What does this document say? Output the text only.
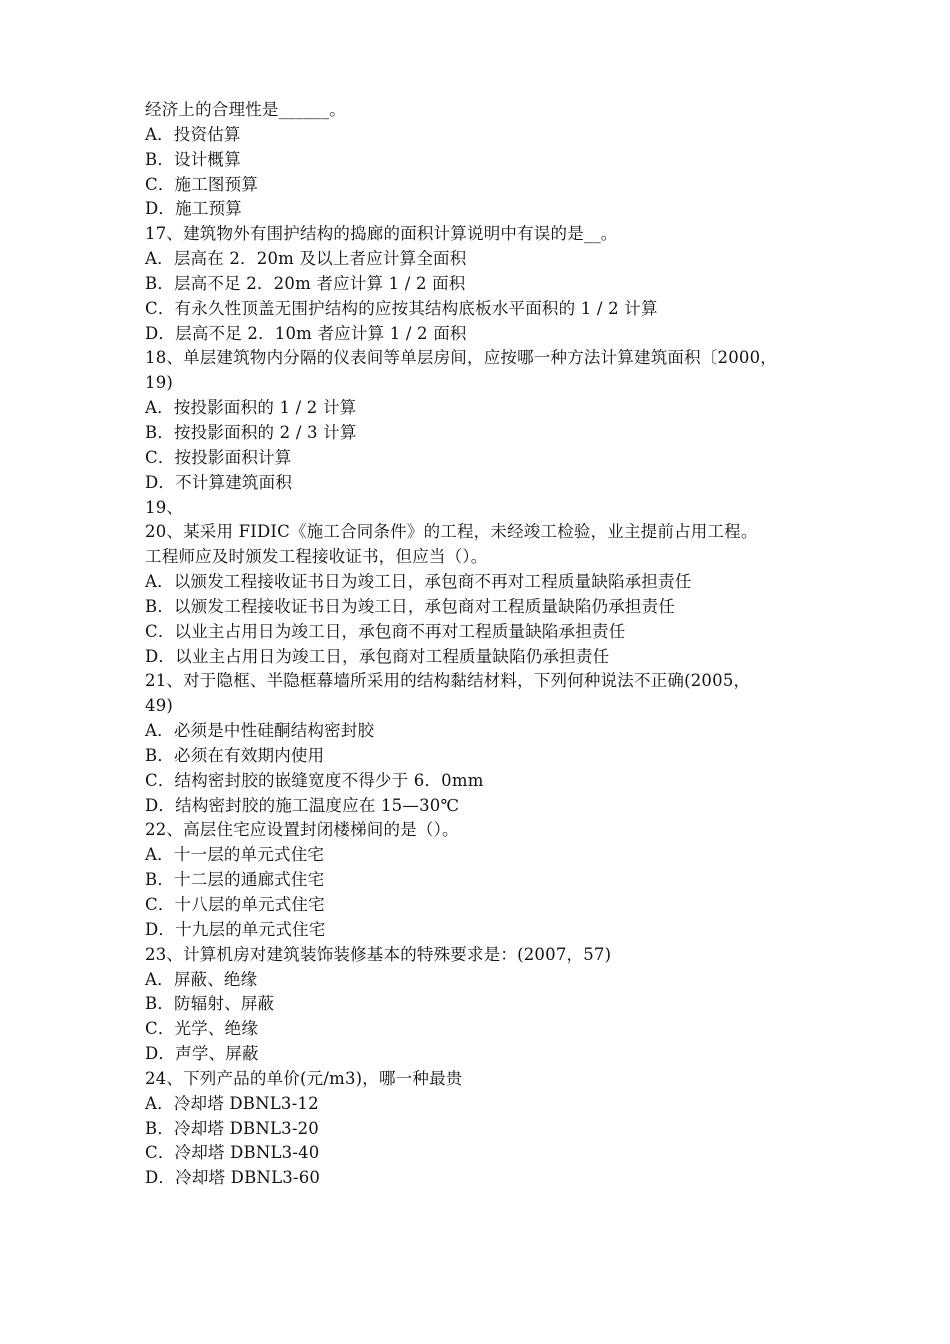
经济上的合理性是______。
A．投资估算
B．设计概算
C．施工图预算
D．施工预算
17、建筑物外有围护结构的捣廊的面积计算说明中有误的是__。
A．层高在 2．20m 及以上者应计算全面积
B．层高不足 2．20m 者应计算 1 / 2 面积
C．有永久性顶盖无围护结构的应按其结构底板水平面积的 1 / 2 计算
D．层高不足 2．10m 者应计算 1 / 2 面积
18、单层建筑物内分隔的仪表间等单层房间，应按哪一种方法计算建筑面积〔2000，
19)
A．按投影面积的 1 / 2 计算
B．按投影面积的 2 / 3 计算
C．按投影面积计算
D．不计算建筑面积
19、
20、某采用 FIDIC《施工合同条件》的工程，未经竣工检验，业主提前占用工程。
工程师应及时颁发工程接收证书，但应当（）。
A．以颁发工程接收证书日为竣工日，承包商不再对工程质量缺陷承担责任
B．以颁发工程接收证书日为竣工日，承包商对工程质量缺陷仍承担责任
C．以业主占用日为竣工日，承包商不再对工程质量缺陷承担责任
D．以业主占用日为竣工日，承包商对工程质量缺陷仍承担责任
21、对于隐框、半隐框幕墙所采用的结构黏结材料，下列何种说法不正确(2005，
49)
A．必须是中性硅酮结构密封胶
B．必须在有效期内使用
C．结构密封胶的嵌缝宽度不得少于 6．0mm
D．结构密封胶的施工温度应在 15—30℃
22、高层住宅应设置封闭楼梯间的是（）。
A．十一层的单元式住宅
B．十二层的通廊式住宅
C．十八层的单元式住宅
D．十九层的单元式住宅
23、计算机房对建筑装饰装修基本的特殊要求是：(2007，57)
A．屏蔽、绝缘
B．防辐射、屏蔽
C．光学、绝缘
D．声学、屏蔽
24、下列产品的单价(元/m3)，哪一种最贵
A．冷却塔 DBNL3-12
B．冷却塔 DBNL3-20
C．冷却塔 DBNL3-40
D．冷却塔 DBNL3-60
